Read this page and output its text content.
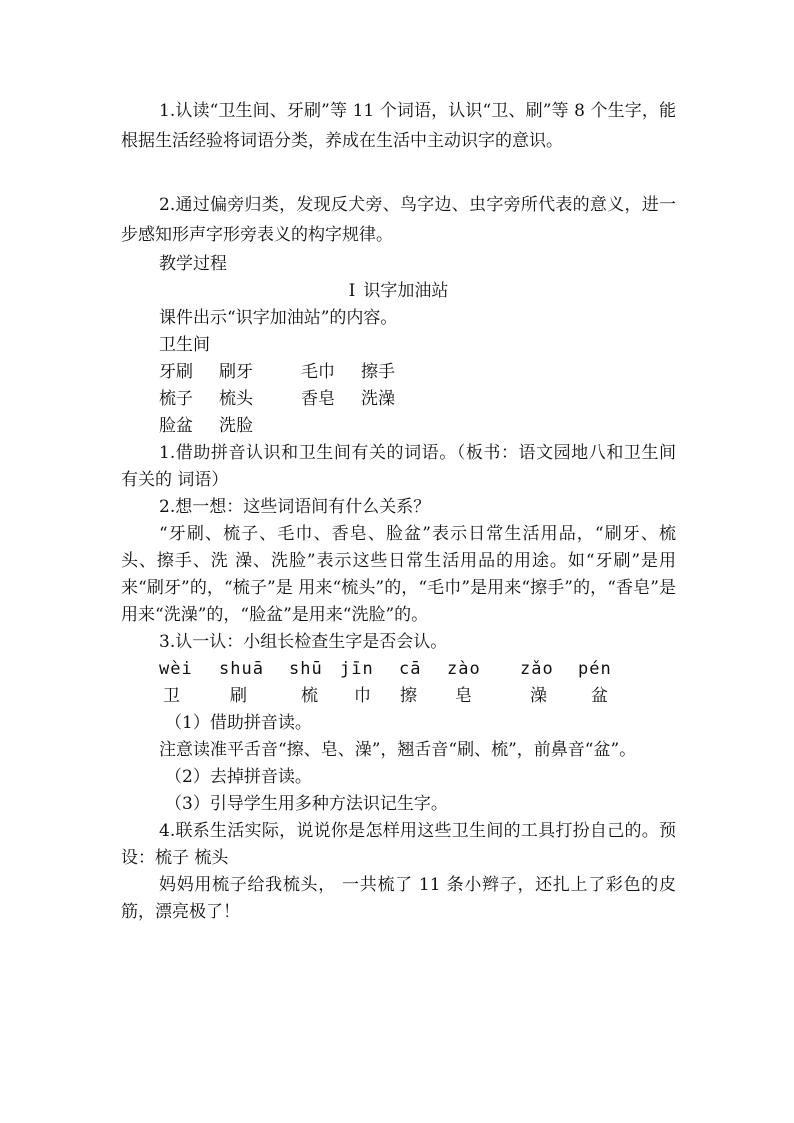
1.认读“卫生间、牙刷”等 11 个词语，认识“卫、刷”等 8 个生字，能根据生活经验将词语分类，养成在生活中主动识字的意识。

2.通过偏旁归类，发现反犬旁、鸟字边、虫字旁所代表的意义，进一步感知形声字形旁表义的构字规律。

教学过程

Ⅰ 识字加油站

课件出示“识字加油站”的内容。

卫生间

牙刷 刷牙	毛巾 擦手

梳子 梳头	香皂 洗澡

脸盆 洗脸

1.借助拼音认识和卫生间有关的词语。（板书：语文园地八和卫生间有关的 词语）

2.想一想：这些词语间有什么关系？

“牙刷、梳子、毛巾、香皂、脸盆”表示日常生活用品，“刷牙、梳头、擦手、洗 澡、洗脸”表示这些日常生活用品的用途。如“牙刷”是用来“刷牙”的，“梳子”是 用来“梳头”的，“毛巾”是用来“擦手”的，“香皂”是用来“洗澡”的，“脸盆”是用来“洗脸”的。

3.认一认：小组长检查生字是否会认。

wèi shuā shū jīn cā zào zǎo pén

卫	刷	梳 巾 擦 皂	澡	盆

（1）借助拼音读。

注意读准平舌音“擦、皂、澡”，翘舌音“刷、梳”，前鼻音“盆”。

（2）去掉拼音读。

（3）引导学生用多种方法识记生字。

4.联系生活实际，说说你是怎样用这些卫生间的工具打扮自己的。预设：梳子 梳头

妈妈用梳子给我梳头， 一共梳了 11 条小辫子，还扎上了彩色的皮筋，漂亮极了！
